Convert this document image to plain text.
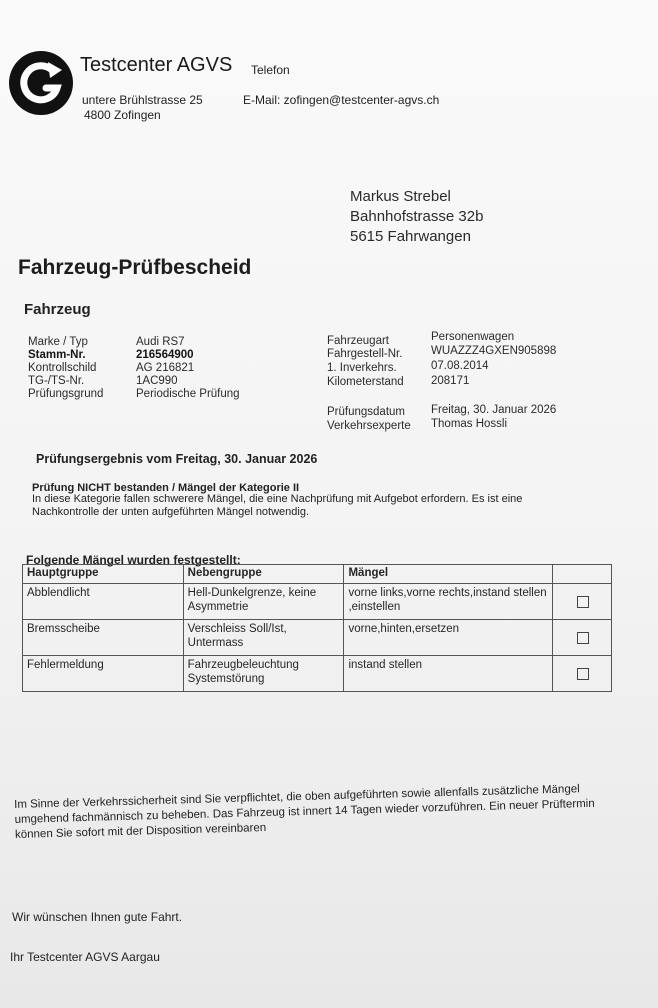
Testcenter AGVS Telefon
untere Brühlstrasse 25
4800 Zofingen
E-Mail: zofingen@testcenter-agvs.ch
Markus Strebel
Bahnhofstrasse 32b
5615 Fahrwangen
Fahrzeug-Prüfbescheid
Fahrzeug
Marke / Typ	Audi RS7
Stamm-Nr.	216564900
Kontrollschild	AG 216821
TG-/TS-Nr.	1AC990
Prüfungsgrund	Periodische Prüfung
Fahrzeugart	Personenwagen
Fahrgestell-Nr. WUAZZZ4GXEN905898
1. Inverkehrs.	07.08.2014
Kilometerstand 208171
Prüfungsdatum Freitag, 30. Januar 2026
Verkehrsexperte Thomas Hossli
Prüfungsergebnis vom Freitag, 30. Januar 2026
Prüfung NICHT bestanden / Mängel der Kategorie II
In diese Kategorie fallen schwerere Mängel, die eine Nachprüfung mit Aufgebot erfordern. Es ist eine Nachkontrolle der unten aufgeführten Mängel notwendig.
Folgende Mängel wurden festgestellt:
Hauptgruppe	Nebengruppe	Mängel	
Abblendlicht	Hell-Dunkelgrenze, keine Asymmetrie	vorne links,vorne rechts,instand stellen ,einstellen	
Bremsscheibe	Verschleiss Soll/Ist, Untermass	vorne,hinten,ersetzen	
Fehlermeldung	Fahrzeugbeleuchtung Systemstörung	instand stellen	
Im Sinne der Verkehrssicherheit sind Sie verpflichtet, die oben aufgeführten sowie allenfalls zusätzliche Mängel umgehend fachmännisch zu beheben. Das Fahrzeug ist innert 14 Tagen wieder vorzuführen. Ein neuer Prüftermin können Sie sofort mit der Disposition vereinbaren
Wir wünschen Ihnen gute Fahrt.
Ihr Testcenter AGVS Aargau
